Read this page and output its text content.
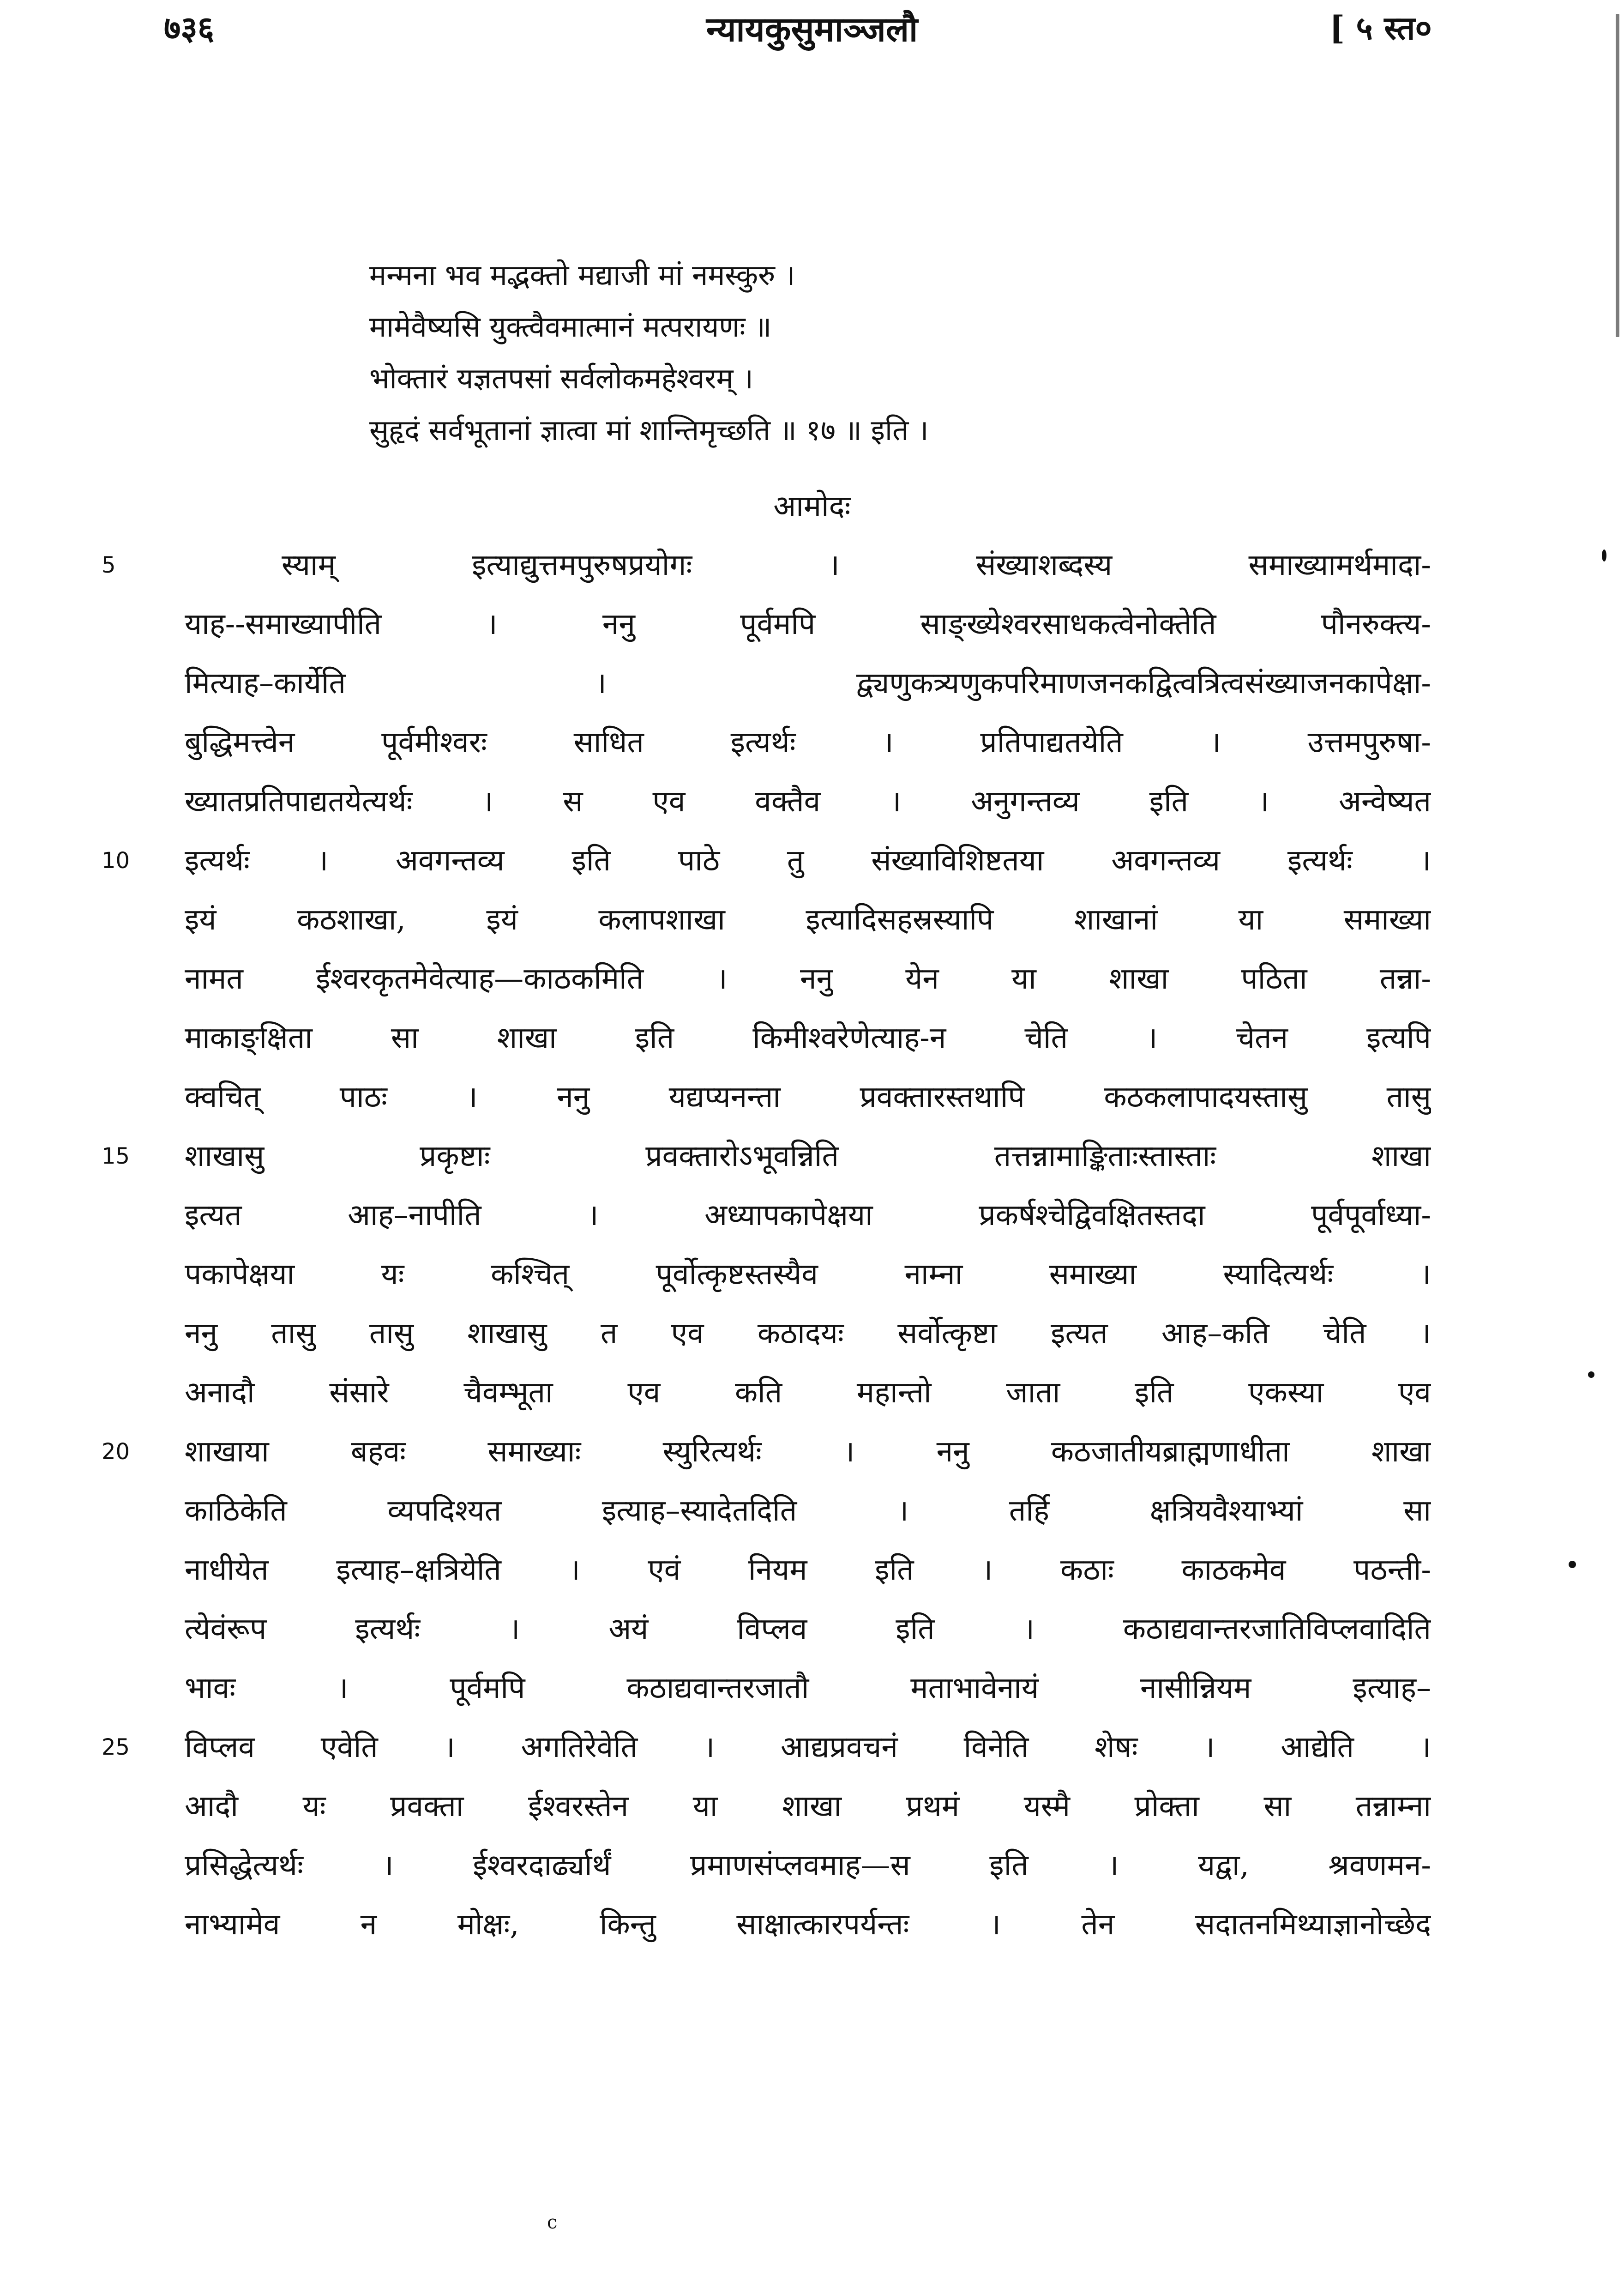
७३६	न्यायकुसुमाञ्जलौ	[ ५ स्त०
मन्मना भव मद्भक्तो मद्याजी मां नमस्कुरु ।
मामेवैष्यसि युक्त्वैवमात्मानं मत्परायणः ॥
भोक्तारं यज्ञतपसां सर्वलोकमहेश्वरम् ।
सुहृदं सर्वभूतानां ज्ञात्वा मां शान्तिमृच्छति ॥ १७ ॥ इति ।
आमोदः
5
10
15
20
25
स्याम् इत्याद्युत्तमपुरुषप्रयोगः । संख्याशब्दस्य समाख्यामर्थमादा-
याह--समाख्यापीति । ननु पूर्वमपि साङ्ख्येश्वरसाधकत्वेनोक्तेति पौनरुक्त्य-
मित्याह–कार्येति । द्व्यणुकत्र्यणुकपरिमाणजनकद्वित्वत्रित्वसंख्याजनकापेक्षा-
बुद्धिमत्त्वेन पूर्वमीश्वरः साधित इत्यर्थः । प्रतिपाद्यतयेति । उत्तमपुरुषा-
ख्यातप्रतिपाद्यतयेत्यर्थः । स एव वक्तैव । अनुगन्तव्य इति । अन्वेष्यत
इत्यर्थः । अवगन्तव्य इति पाठे तु संख्याविशिष्टतया अवगन्तव्य इत्यर्थः ।
इयं कठशाखा, इयं कलापशाखा इत्यादिसहस्रस्यापि शाखानां या समाख्या
नामत ईश्वरकृतमेवेत्याह—काठकमिति । ननु येन या शाखा पठिता तन्ना-
माकाङ्क्षिता सा शाखा इति किमीश्वरेणेत्याह-न चेति । चेतन इत्यपि
क्वचित् पाठः । ननु यद्यप्यनन्ता प्रवक्तारस्तथापि कठकलापादयस्तासु तासु
शाखासु प्रकृष्टाः प्रवक्तारोऽभूवन्निति तत्तन्नामाङ्किताःस्तास्ताः शाखा
इत्यत आह–नापीति । अध्यापकापेक्षया प्रकर्षश्चेद्विवक्षितस्तदा पूर्वपूर्वाध्या-
पकापेक्षया यः कश्चित् पूर्वोत्कृष्टस्तस्यैव नाम्ना समाख्या स्यादित्यर्थः ।
ननु तासु तासु शाखासु त एव कठादयः सर्वोत्कृष्टा इत्यत आह–कति चेति ।
अनादौ संसारे चैवम्भूता एव कति महान्तो जाता इति एकस्या एव
शाखाया बहवः समाख्याः स्युरित्यर्थः । ननु कठजातीयब्राह्मणाधीता शाखा
काठिकेति व्यपदिश्यत इत्याह–स्यादेतदिति । तर्हि क्षत्रियवैश्याभ्यां सा
नाधीयेत इत्याह–क्षत्रियेति । एवं नियम इति । कठाः काठकमेव पठन्ती-
त्येवंरूप इत्यर्थः । अयं विप्लव इति । कठाद्यवान्तरजातिविप्लवादिति
भावः । पूर्वमपि कठाद्यवान्तरजातौ मताभावेनायं नासीन्नियम इत्याह–
विप्लव एवेति । अगतिरेवेति । आद्यप्रवचनं विनेति शेषः । आद्येति ।
आदौ यः प्रवक्ता ईश्वरस्तेन या शाखा प्रथमं यस्मै प्रोक्ता सा तन्नाम्ना
प्रसिद्धेत्यर्थः । ईश्वरदार्ढ्यार्थं प्रमाणसंप्लवमाह—स इति । यद्वा, श्रवणमन-
नाभ्यामेव न मोक्षः, किन्तु साक्षात्कारपर्यन्तः । तेन सदातनमिथ्याज्ञानोच्छेद
c
